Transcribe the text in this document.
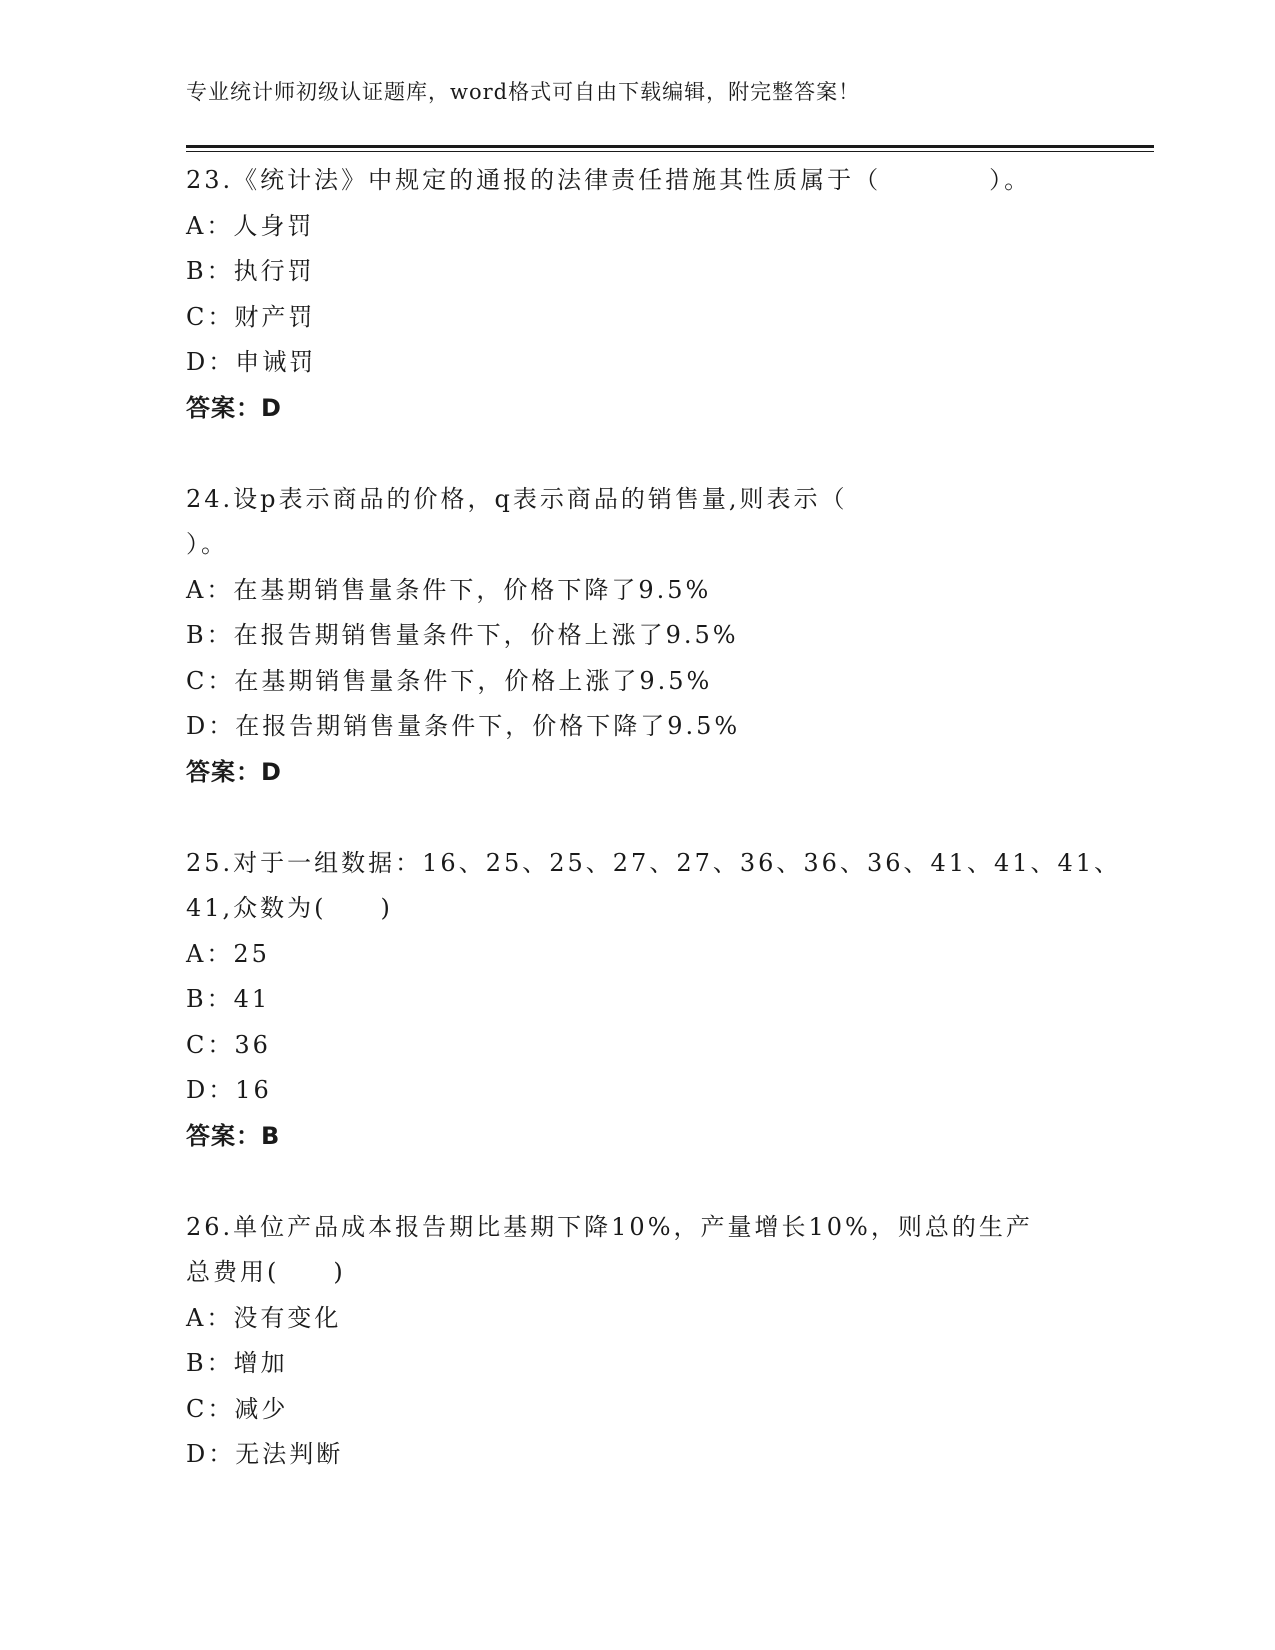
专业统计师初级认证题库，word格式可自由下载编辑，附完整答案！
23.《统计法》中规定的通报的法律责任措施其性质属于（　　　　）。
A：人身罚
B：执行罚
C：财产罚
D：申诫罚
答案：D
24.设p表示商品的价格，q表示商品的销售量,则表示（
）。
A：在基期销售量条件下，价格下降了9.5%
B：在报告期销售量条件下，价格上涨了9.5%
C：在基期销售量条件下，价格上涨了9.5%
D：在报告期销售量条件下，价格下降了9.5%
答案：D
25.对于一组数据：16、25、25、27、27、36、36、36、41、41、41、
41,众数为(　　)
A：25
B：41
C：36
D：16
答案：B
26.单位产品成本报告期比基期下降10%，产量增长10%，则总的生产
总费用(　　)
A：没有变化
B：增加
C：减少
D：无法判断
